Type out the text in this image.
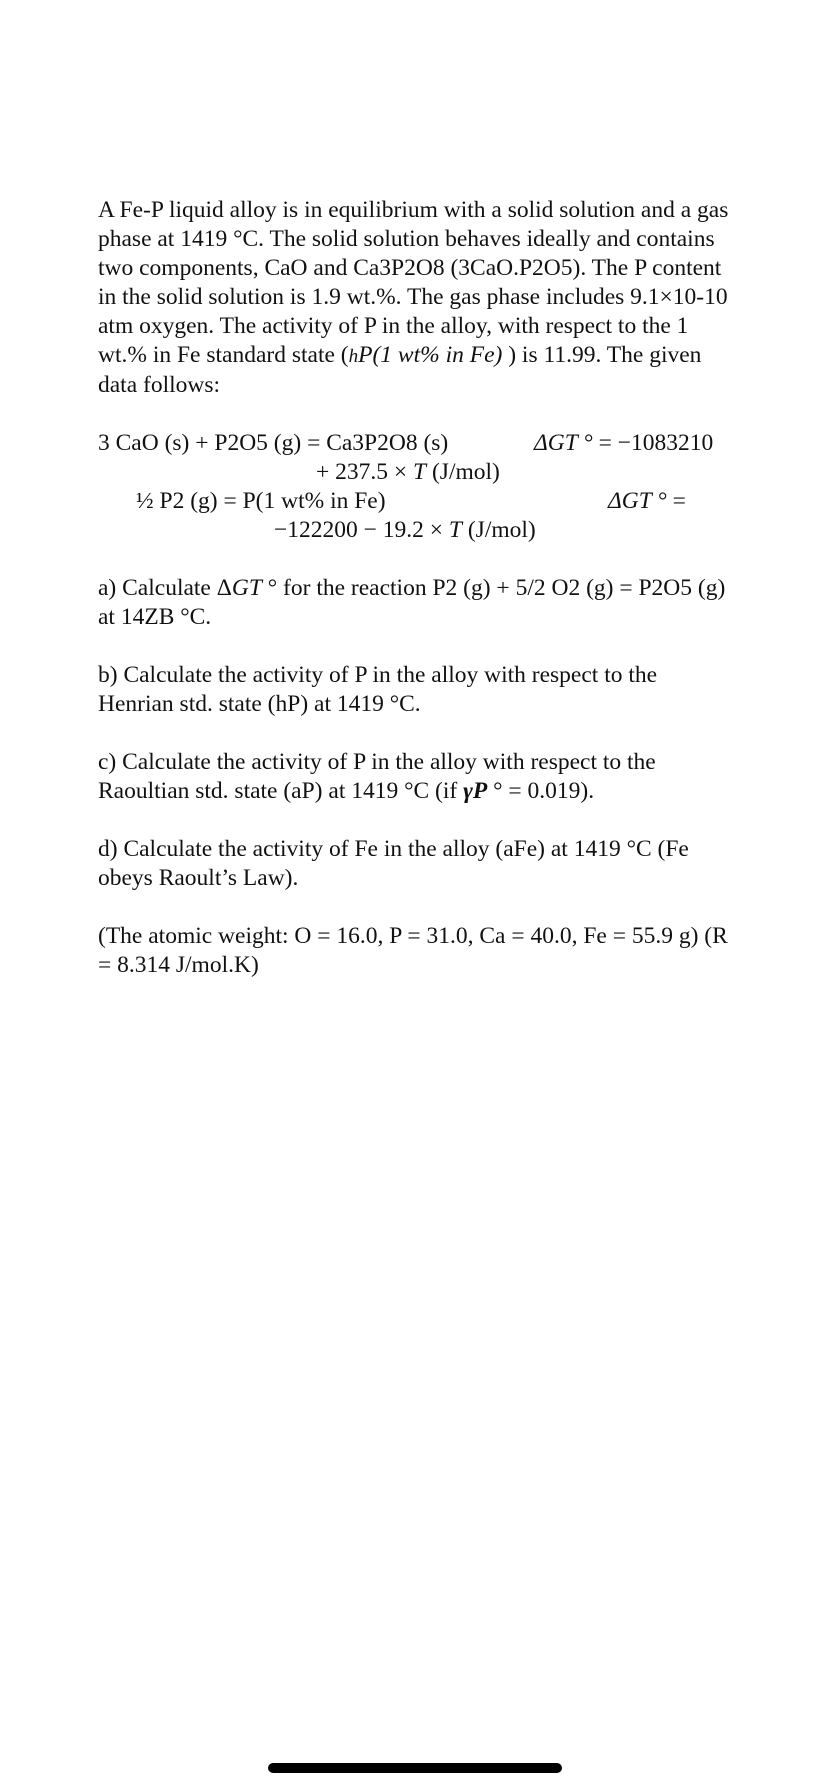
A Fe-P liquid alloy is in equilibrium with a solid solution and a gas phase at 1419 °C. The solid solution behaves ideally and contains two components, CaO and Ca3P2O8 (3CaO.P2O5). The P content in the solid solution is 1.9 wt.%. The gas phase includes 9.1×10-10 atm oxygen. The activity of P in the alloy, with respect to the 1 wt.% in Fe standard state (hP(1 wt% in Fe) ) is 11.99. The given data follows:

3 CaO (s) + P2O5 (g) = Ca3P2O8 (s)	ΔGT ° = −1083210
+ 237.5 × T (J/mol)
½ P2 (g) = P(1 wt% in Fe)	ΔGT ° =
−122200 − 19.2 × T (J/mol)

a) Calculate ΔGT ° for the reaction P2 (g) + 5/2 O2 (g) = P2O5 (g) at 14ZB °C.

b) Calculate the activity of P in the alloy with respect to the Henrian std. state (hP) at 1419 °C.

c) Calculate the activity of P in the alloy with respect to the Raoultian std. state (aP) at 1419 °C (if γP ° = 0.019).

d) Calculate the activity of Fe in the alloy (aFe) at 1419 °C (Fe obeys Raoult’s Law).

(The atomic weight: O = 16.0, P = 31.0, Ca = 40.0, Fe = 55.9 g) (R = 8.314 J/mol.K)
